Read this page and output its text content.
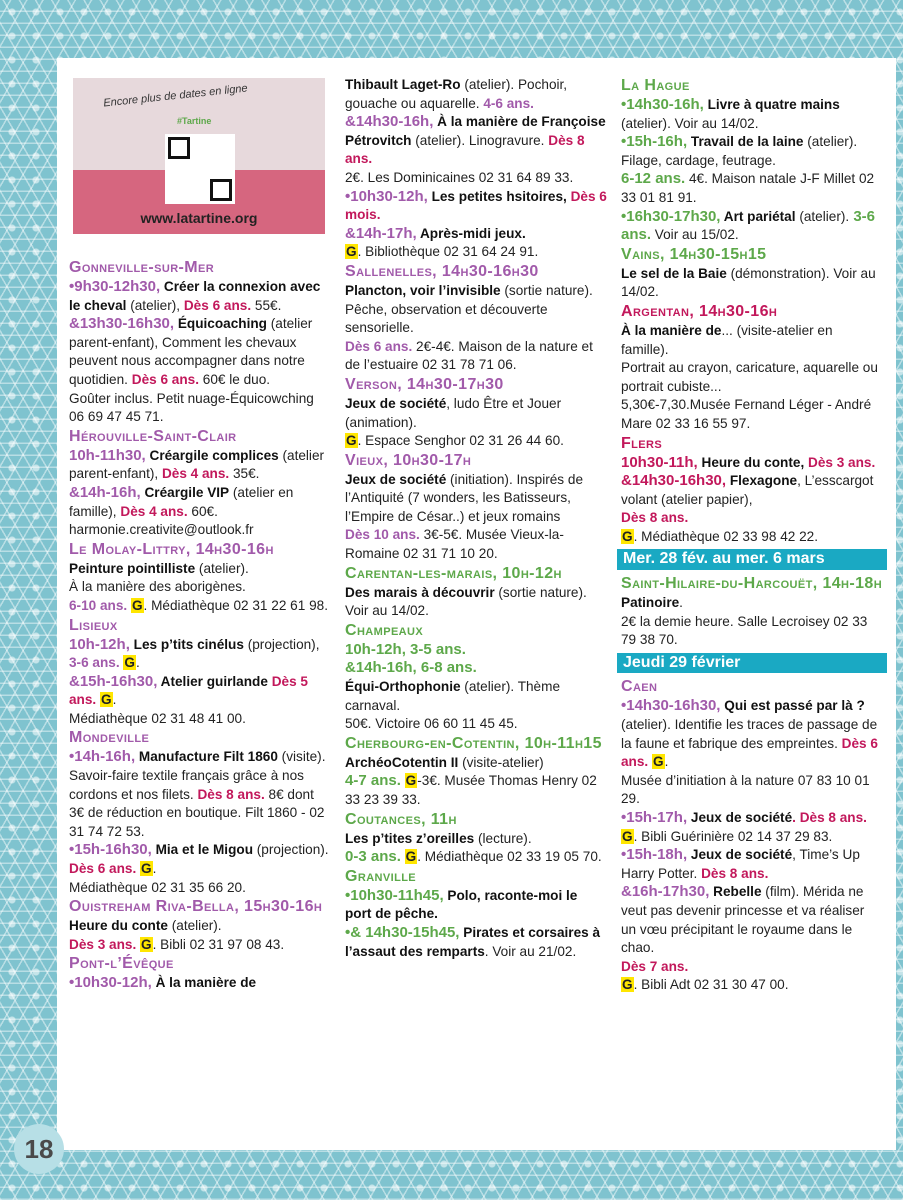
Encore plus de dates en ligne
#Tartine
www.latartine.org
Gonneville-sur-Mer

•9h30-12h30, Créer la connexion avec le cheval (atelier), Dès 6 ans. 55€.

&13h30-16h30, Équicoaching (atelier parent-enfant), Comment les chevaux peuvent nous accompagner dans notre quotidien. Dès 6 ans. 60€ le duo.

Goûter inclus. Petit nuage-Équicowching 06 69 47 45 71.

Hérouville-Saint-Clair

10h-11h30, Créargile complices (atelier parent-enfant), Dès 4 ans. 35€.

&14h-16h, Créargile VIP (atelier en famille), Dès 4 ans. 60€. harmonie.creativite@outlook.fr

Le Molay-Littry, 14h30-16h

Peinture pointilliste (atelier).
À la manière des aborigènes.
6-10 ans. G. Médiathèque 02 31 22 61 98.

Lisieux

10h-12h, Les p’tits cinélus (projection), 3-6 ans. G.

&15h-16h30, Atelier guirlande Dès 5 ans. G.
Médiathèque 02 31 48 41 00.

Mondeville

•14h-16h, Manufacture Filt 1860 (visite). Savoir-faire textile français grâce à nos cordons et nos filets. Dès 8 ans. 8€ dont 3€ de réduction en boutique. Filt 1860 - 02 31 74 72 53.

•15h-16h30, Mia et le Migou (projection). Dès 6 ans. G.
Médiathèque 02 31 35 66 20.

Ouistreham Riva-Bella, 15h30-16h

Heure du conte (atelier).
Dès 3 ans. G. Bibli 02 31 97 08 43.

Pont-l’Évêque

•10h30-12h, À la manière de

Thibault Laget-Ro (atelier). Pochoir, gouache ou aquarelle. 4-6 ans.

&14h30-16h, À la manière de Françoise Pétrovitch (atelier). Linogravure. Dès 8 ans.
2€. Les Dominicaines 02 31 64 89 33.

•10h30-12h, Les petites hsitoires, Dès 6 mois.

&14h-17h, Après-midi jeux.
G. Bibliothèque 02 31 64 24 91.

Sallenelles, 14h30-16h30

Plancton, voir l’invisible (sortie nature).
Pêche, observation et découverte sensorielle.
Dès 6 ans. 2€-4€. Maison de la nature et de l’estuaire 02 31 78 71 06.

Verson, 14h30-17h30

Jeux de société, ludo Être et Jouer (animation).
G. Espace Senghor 02 31 26 44 60.

Vieux, 10h30-17h

Jeux de société (initiation). Inspirés de l’Antiquité (7 wonders, les Batisseurs, l’Empire de César..) et jeux romains
Dès 10 ans. 3€-5€. Musée Vieux-la-Romaine 02 31 71 10 20.

Carentan-les-marais, 10h-12h

Des marais à découvrir (sortie nature). Voir au 14/02.

Champeaux

10h-12h, 3-5 ans.
&14h-16h, 6-8 ans.
Équi-Orthophonie (atelier). Thème carnaval.
50€. Victoire 06 60 11 45 45.

Cherbourg-en-Cotentin, 10h-11h15

ArchéoCotentin II (visite-atelier)
4-7 ans. G-3€. Musée Thomas Henry 02 33 23 39 33.

Coutances, 11h

Les p’tites z’oreilles (lecture).
0-3 ans. G. Médiathèque 02 33 19 05 70.

Granville

•10h30-11h45, Polo, raconte-moi le port de pêche.

•& 14h30-15h45, Pirates et corsaires à l’assaut des remparts. Voir au 21/02.

La Hague

•14h30-16h, Livre à quatre mains (atelier). Voir au 14/02.

•15h-16h, Travail de la laine (atelier). Filage, cardage, feutrage.
6-12 ans. 4€. Maison natale J-F Millet 02 33 01 81 91.

•16h30-17h30, Art pariétal (atelier). 3-6 ans. Voir au 15/02.

Vains, 14h30-15h15

Le sel de la Baie (démonstration). Voir au 14/02.

Argentan, 14h30-16h

À la manière de... (visite-atelier en famille).
Portrait au crayon, caricature, aquarelle ou portrait cubiste...
5,30€-7,30.Musée Fernand Léger - André Mare 02 33 16 55 97.

Flers

10h30-11h, Heure du conte, Dès 3 ans.

&14h30-16h30, Flexagone, L’esscargot volant (atelier papier),
Dès 8 ans.
G. Médiathèque 02 33 98 42 22.

Mer. 28 fév. au mer. 6 mars
Saint-Hilaire-du-Harcouët, 14h-18h

Patinoire.
2€ la demie heure. Salle Lecroisey 02 33 79 38 70.

Jeudi 29 février
Caen

•14h30-16h30, Qui est passé par là ? (atelier). Identifie les traces de passage de la faune et fabrique des empreintes. Dès 6 ans. G.
Musée d’initiation à la nature 07 83 10 01 29.

•15h-17h, Jeux de société. Dès 8 ans. G. Bibli Guérinière 02 14 37 29 83.

•15h-18h, Jeux de société, Time’s Up Harry Potter. Dès 8 ans.

&16h-17h30, Rebelle (film). Mérida ne veut pas devenir princesse et va réaliser un vœu précipitant le royaume dans le chao.
Dès 7 ans.
G. Bibli Adt 02 31 30 47 00.

18
